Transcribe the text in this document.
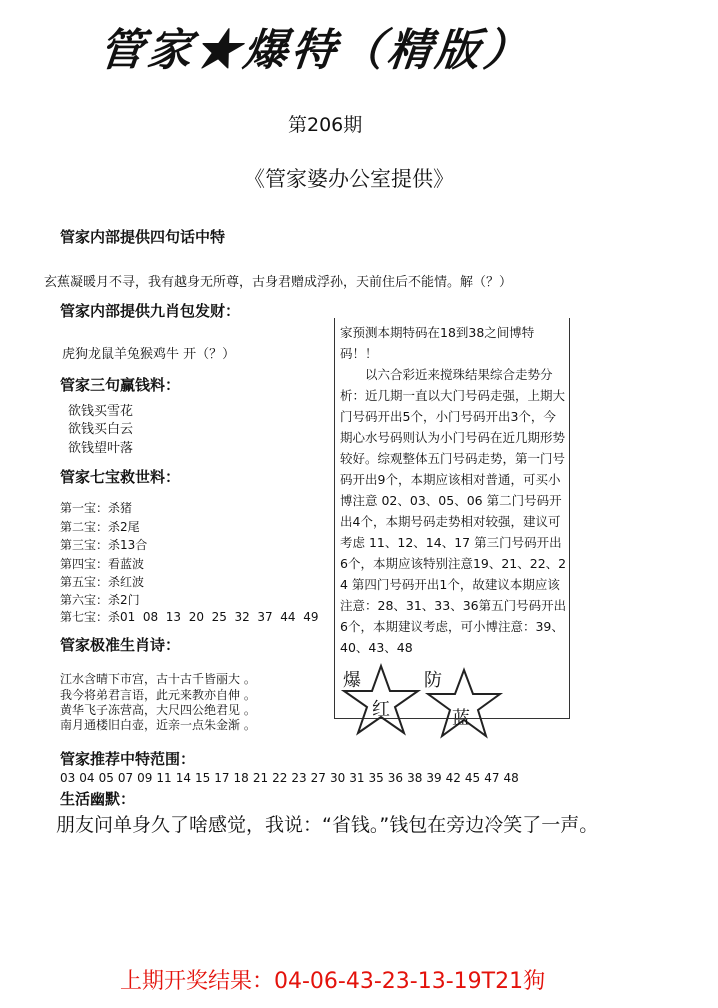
管家★爆特（精版）
第206期
《管家婆办公室提供》
管家内部提供四句话中特
玄蕉凝暖月不寻，我有越身无所尊，古身君赠成浮孙，天前住后不能情。解（？）
管家内部提供九肖包发财：
虎狗龙鼠羊兔猴鸡牛 开（？）
管家三句赢钱料：
欲钱买雪花
欲钱买白云
欲钱望叶落
管家七宝救世料：
第一宝：杀猪
第二宝：杀2尾
第三宝：杀13合
第四宝：看蓝波
第五宝：杀红波
第六宝：杀2门
第七宝：杀01  08  13  20  25  32  37  44  49
管家极准生肖诗：
江水含晴下市宫，古十古千皆丽大 。
我今将弟君言语，此元来教亦自伸 。
黄华飞子冻营高，大尺四公绝君见 。
南月通楼旧白壶，近亲一点朱金渐 。

家预测本期特码在18到38之间博特码！！

以六合彩近来搅珠结果综合走势分析：近几期一直以大门号码走强，上期大门号码开出5个，小门号码开出3个，今期心水号码则认为小门号码在近几期形势较好。综观整体五门号码走势，第一门号码开出9个，本期应该相对普通，可买小博注意 02、03、05、06 第二门号码开出4个，本期号码走势相对较强，建议可考虑 11、12、14、17 第三门号码开出6个，本期应该特别注意19、21、22、24 第四门号码开出1个，故建议本期应该注意：28、31、33、36第五门号码开出6个，本期建议考虑，可小博注意：39、40、43、48

爆	防
红	蓝
管家推荐中特范围：
03 04 05 07 09 11 14 15 17 18 21 22 23 27 30 31 35 36 38 39 42 45 47 48
生活幽默：
朋友问单身久了啥感觉，我说：“省钱。”钱包在旁边冷笑了一声。
上期开奖结果：04-06-43-23-13-19T21狗
